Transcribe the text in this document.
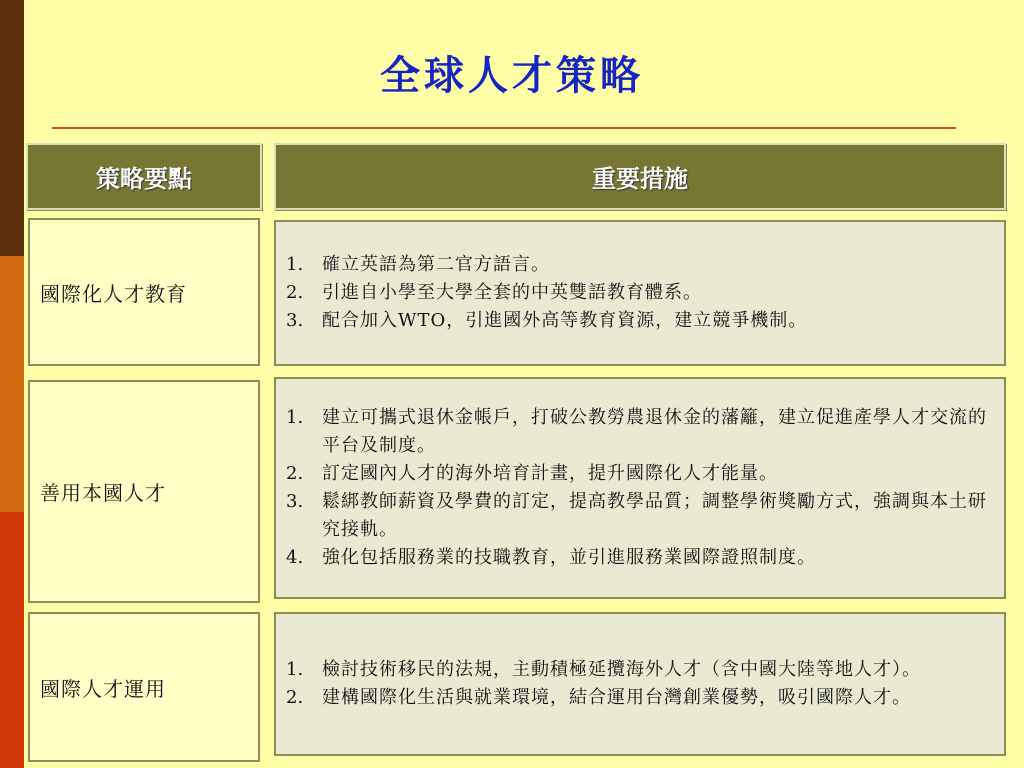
全球人才策略
策略要點	重要措施
國際化人才教育
1.	確立英語為第二官方語言。
2.	引進自小學至大學全套的中英雙語教育體系。
3.	配合加入WTO，引進國外高等教育資源，建立競爭機制。
善用本國人才
1.	建立可攜式退休金帳戶，打破公教勞農退休金的藩籬，建立促進產學人才交流的平台及制度。
2.	訂定國內人才的海外培育計畫，提升國際化人才能量。
3.	鬆綁教師薪資及學費的訂定，提高教學品質；調整學術獎勵方式，強調與本土研究接軌。
4.	強化包括服務業的技職教育，並引進服務業國際證照制度。
國際人才運用
1.	檢討技術移民的法規，主動積極延攬海外人才（含中國大陸等地人才）。
2.	建構國際化生活與就業環境，結合運用台灣創業優勢，吸引國際人才。
